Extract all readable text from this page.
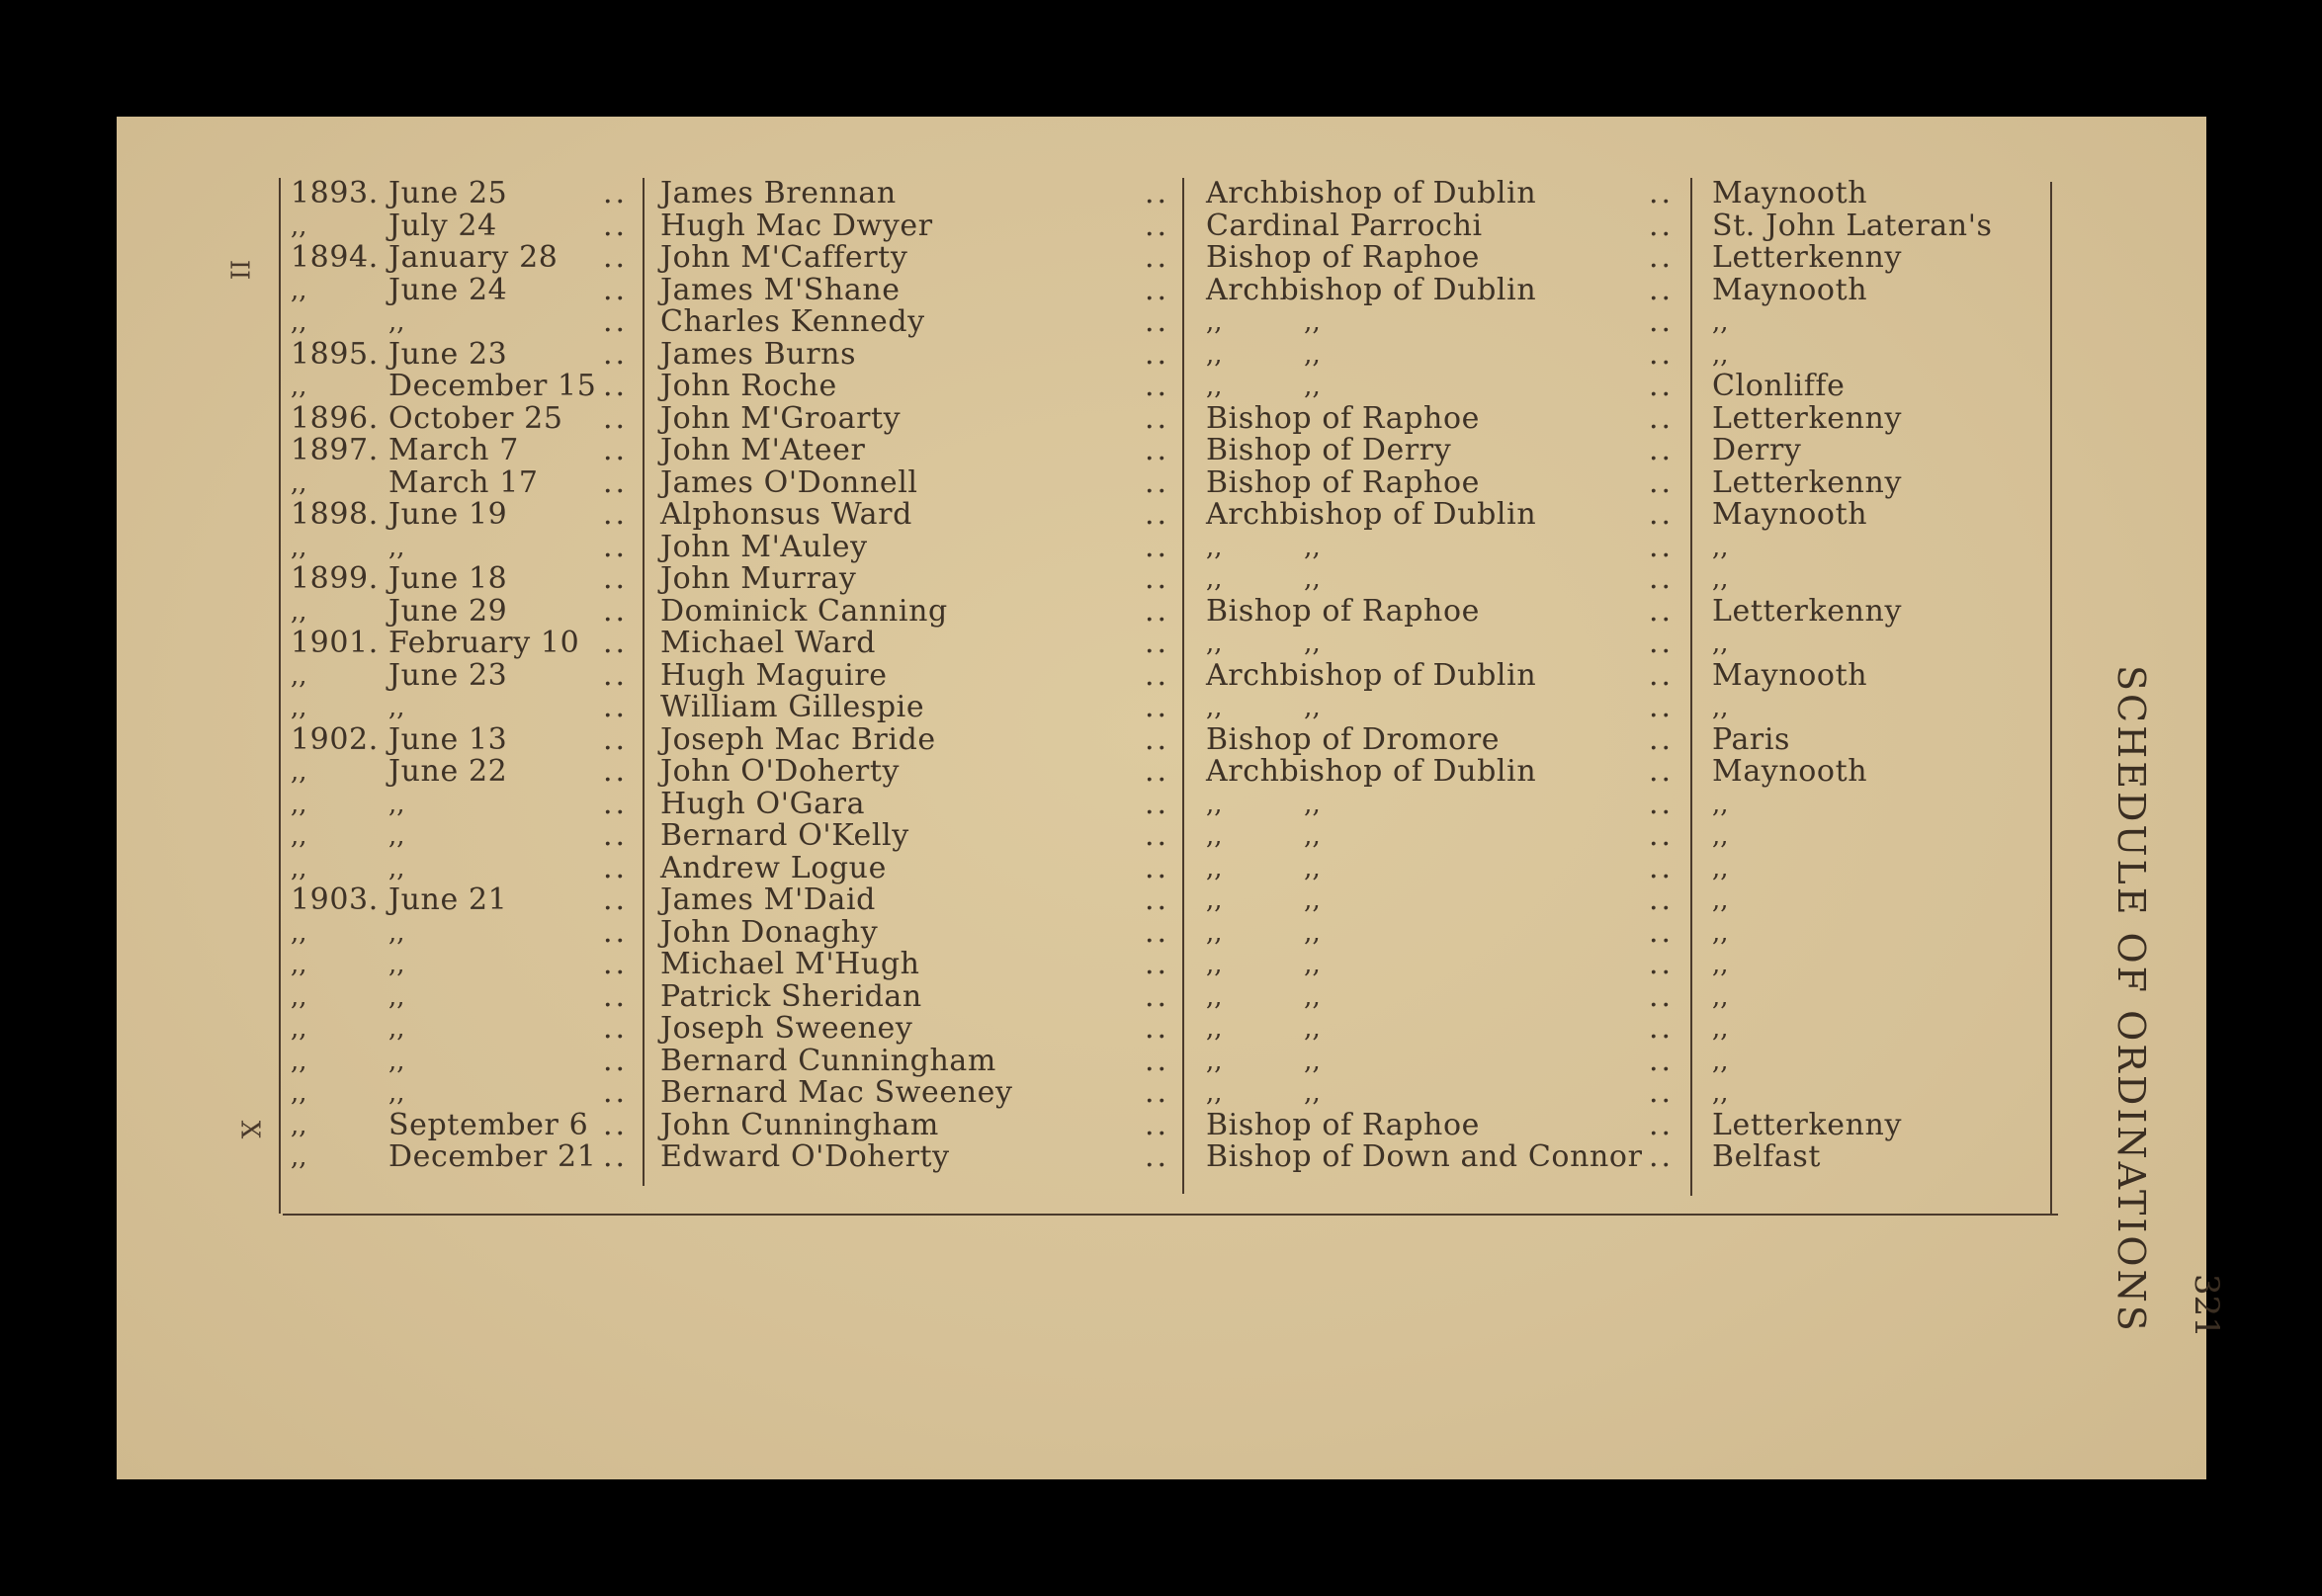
II
X
1893. June 25	.. James Brennan	.. Archbishop of Dublin	.. Maynooth
,,	July 24	.. Hugh Mac Dwyer	.. Cardinal Parrochi	.. St. John Lateran's
1894. January 28 .. John M'Cafferty	.. Bishop of Raphoe	.. Letterkenny
,,	June 24	.. James M'Shane	.. Archbishop of Dublin	.. Maynooth
,,	,,	.. Charles Kennedy	.. ,,          ,,	.. ,,
1895. June 23	.. James Burns	.. ,,          ,,	.. ,,
,,	December 15 .. John Roche	.. ,,          ,,	.. Clonliffe
1896. October 25 .. John M'Groarty	.. Bishop of Raphoe	.. Letterkenny
1897. March 7	.. John M'Ateer	.. Bishop of Derry	.. Derry
,,	March 17 .. James O'Donnell	.. Bishop of Raphoe	.. Letterkenny
1898. June 19	.. Alphonsus Ward	.. Archbishop of Dublin	.. Maynooth
,,	,,	.. John M'Auley	.. ,,          ,,	.. ,,
1899. June 18	.. John Murray	.. ,,          ,,	.. ,,
,,	June 29	.. Dominick Canning	.. Bishop of Raphoe	.. Letterkenny
1901. February 10 .. Michael Ward	.. ,,          ,,	.. ,,
,,	June 23	.. Hugh Maguire	.. Archbishop of Dublin	.. Maynooth
,,	,,	.. William Gillespie	.. ,,          ,,	.. ,,
1902. June 13	.. Joseph Mac Bride	.. Bishop of Dromore	.. Paris
,,	June 22	.. John O'Doherty	.. Archbishop of Dublin	.. Maynooth
,,	,,	.. Hugh O'Gara	.. ,,          ,,	.. ,,
,,	,,	.. Bernard O'Kelly	.. ,,          ,,	.. ,,
,,	,,	.. Andrew Logue	.. ,,          ,,	.. ,,
1903. June 21	.. James M'Daid	.. ,,          ,,	.. ,,
,,	,,	.. John Donaghy	.. ,,          ,,	.. ,,
,,	,,	.. Michael M'Hugh	.. ,,          ,,	.. ,,
,,	,,	.. Patrick Sheridan	.. ,,          ,,	.. ,,
,,	,,	.. Joseph Sweeney	.. ,,          ,,	.. ,,
,,	,,	.. Bernard Cunningham	.. ,,          ,,	.. ,,
,,	,,	.. Bernard Mac Sweeney	.. ,,          ,,	.. ,,
,,	September 6 .. John Cunningham	.. Bishop of Raphoe	.. Letterkenny
,,	December 21 .. Edward O'Doherty	.. Bishop of Down and Connor .. Belfast	SCHEDULE OF ORDINATIONS 321
